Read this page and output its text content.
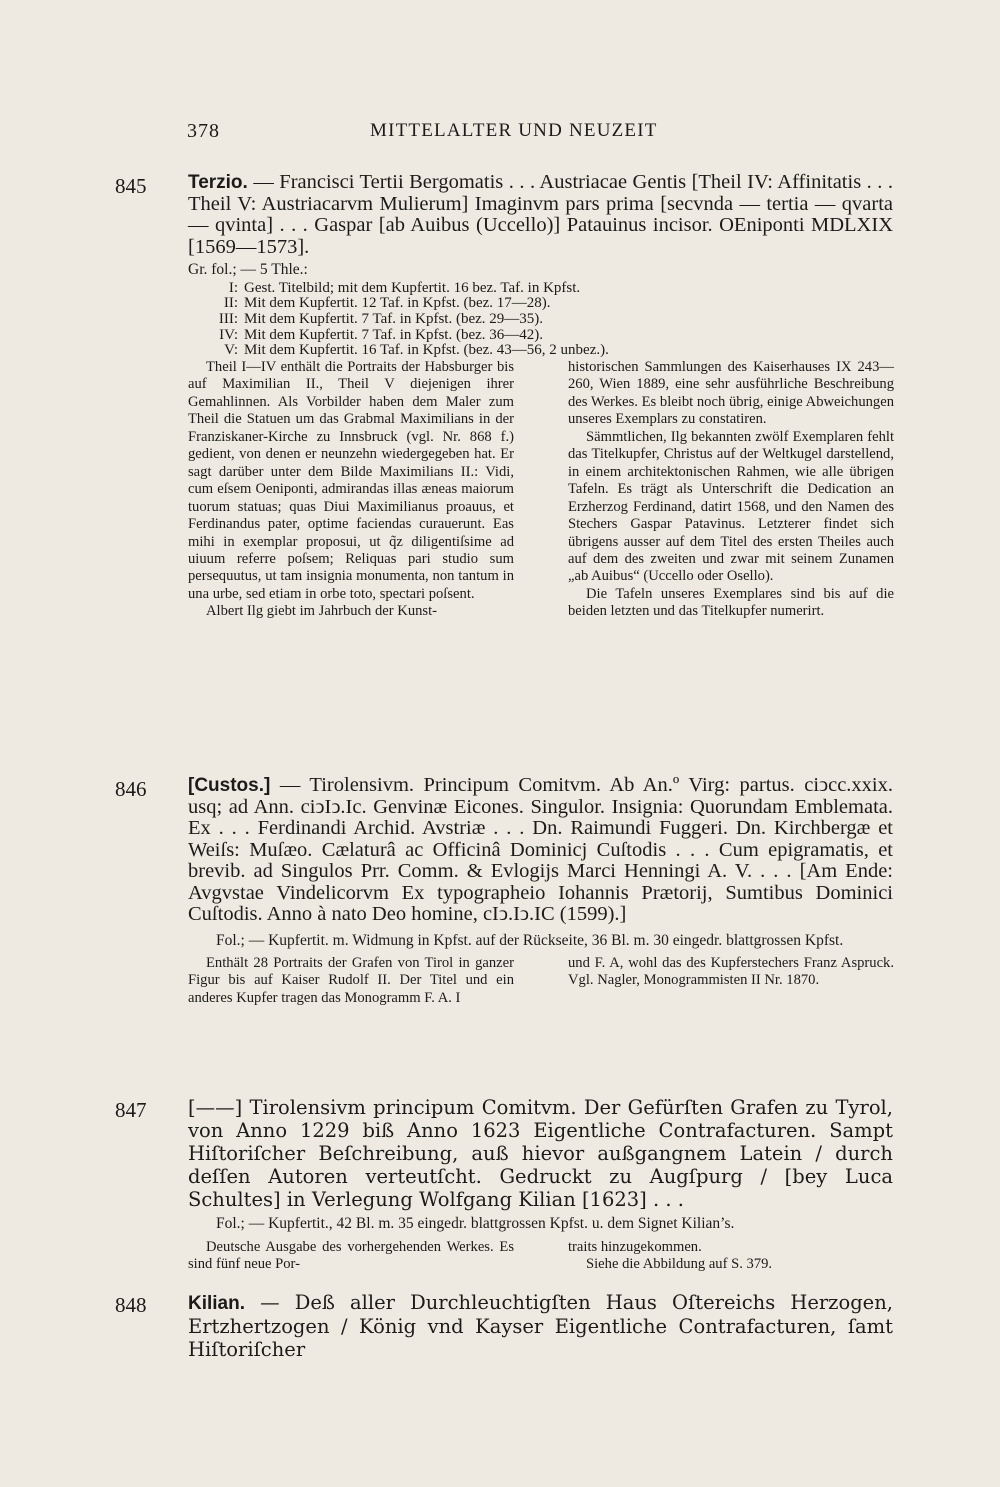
378	MITTELALTER UND NEUZEIT
845 Terzio. — Francisci Tertii Bergomatis . . . Austriacae Gentis [Theil IV: Affinitatis . . . Theil V: Austriacarvm Mulierum] Imaginvm pars prima [secvnda — tertia — qvarta — qvinta] . . . Gaspar [ab Auibus (Uccello)] Patauinus incisor. OEniponti MDLXIX [1569—1573].

Gr. fol.; — 5 Thle.:

I: Gest. Titelbild; mit dem Kupfertit. 16 bez. Taf. in Kpfst.
II: Mit dem Kupfertit. 12 Taf. in Kpfst. (bez. 17—28).
III: Mit dem Kupfertit. 7 Taf. in Kpfst. (bez. 29—35).
IV: Mit dem Kupfertit. 7 Taf. in Kpfst. (bez. 36—42).
V: Mit dem Kupfertit. 16 Taf. in Kpfst. (bez. 43—56, 2 unbez.).

Theil I—IV enthält die Portraits der Habsburger bis auf Maximilian II., Theil V diejenigen ihrer Gemahlinnen. Als Vorbilder haben dem Maler zum Theil die Statuen um das Grabmal Maximilians in der Franziskaner-Kirche zu Innsbruck (vgl. Nr. 868 f.) gedient, von denen er neunzehn wiedergegeben hat. Er sagt darüber unter dem Bilde Maximilians II.: Vidi, cum eſsem Oeniponti, admirandas illas æneas maiorum tuorum statuas; quas Diui Maximilianus proauus, et Ferdinandus pater, optime faciendas curauerunt. Eas mihi in exemplar proposui, ut q̃z diligentiſsime ad uiuum referre poſsem; Reliquas pari studio sum persequutus, ut tam insignia monumenta, non tantum in una urbe, sed etiam in orbe toto, spectari poſsent.

Albert Ilg giebt im Jahrbuch der Kunst-

historischen Sammlungen des Kaiserhauses IX 243—260, Wien 1889, eine sehr ausführliche Beschreibung des Werkes. Es bleibt noch übrig, einige Abweichungen unseres Exemplars zu constatiren.

Sämmtlichen, Ilg bekannten zwölf Exemplaren fehlt das Titelkupfer, Christus auf der Weltkugel darstellend, in einem architektonischen Rahmen, wie alle übrigen Tafeln. Es trägt als Unterschrift die Dedication an Erzherzog Ferdinand, datirt 1568, und den Namen des Stechers Gaspar Patavinus. Letzterer findet sich übrigens ausser auf dem Titel des ersten Theiles auch auf dem des zweiten und zwar mit seinem Zunamen „ab Auibus“ (Uccello oder Osello).

Die Tafeln unseres Exemplares sind bis auf die beiden letzten und das Titelkupfer numerirt.

846 [Custos.] — Tirolensivm. Principum Comitvm. Ab An.º Virg: partus. ciↄcc.xxix. usq; ad Ann. ciↄIↄ.Ic. Genvinæ Eicones. Singulor. Insignia: Quorundam Emblemata. Ex . . . Ferdinandi Archid. Avstriæ . . . Dn. Raimundi Fuggeri. Dn. Kirchbergæ et Weiſs: Muſæo. Cælaturâ ac Officinâ Dominicj Cuſtodis . . . Cum epigramatis, et brevib. ad Singulos Prr. Comm. & Evlogijs Marci Henningi A. V. . . . [Am Ende: Avgvstae Vindelicorvm Ex typographeio Iohannis Prætorij, Sumtibus Dominici Cuſtodis. Anno à nato Deo homine, cIↄ.Iↄ.IC (1599).]

Fol.; — Kupfertit. m. Widmung in Kpfst. auf der Rückseite, 36 Bl. m. 30 eingedr. blattgrossen Kpfst.

Enthält 28 Portraits der Grafen von Tirol in ganzer Figur bis auf Kaiser Rudolf II. Der Titel und ein anderes Kupfer tragen das Monogramm F. A. I

und F. A, wohl das des Kupferstechers Franz Aspruck. Vgl. Nagler, Monogrammisten II Nr. 1870.

847 [——] Tirolensivm principum Comitvm. Der Gefürſten Grafen zu Tyrol, von Anno 1229 biß Anno 1623 Eigentliche Contrafacturen. Sampt Hiſtoriſcher Beſchreibung, auß hievor außgangnem Latein / durch deſſen Autoren verteutſcht. Gedruckt zu Augſpurg / [bey Luca Schultes] in Verlegung Wolfgang Kilian [1623] . . .

Fol.; — Kupfertit., 42 Bl. m. 35 eingedr. blattgrossen Kpfst. u. dem Signet Kilian’s.

Deutsche Ausgabe des vorhergehenden Werkes. Es sind fünf neue Por-

traits hinzugekommen.

Siehe die Abbildung auf S. 379.

848 Kilian. — Deß aller Durchleuchtigſten Haus Oſtereichs Herzogen, Ertzhertzogen / König vnd Kayser Eigentliche Contrafacturen, ſamt Hiſtoriſcher
